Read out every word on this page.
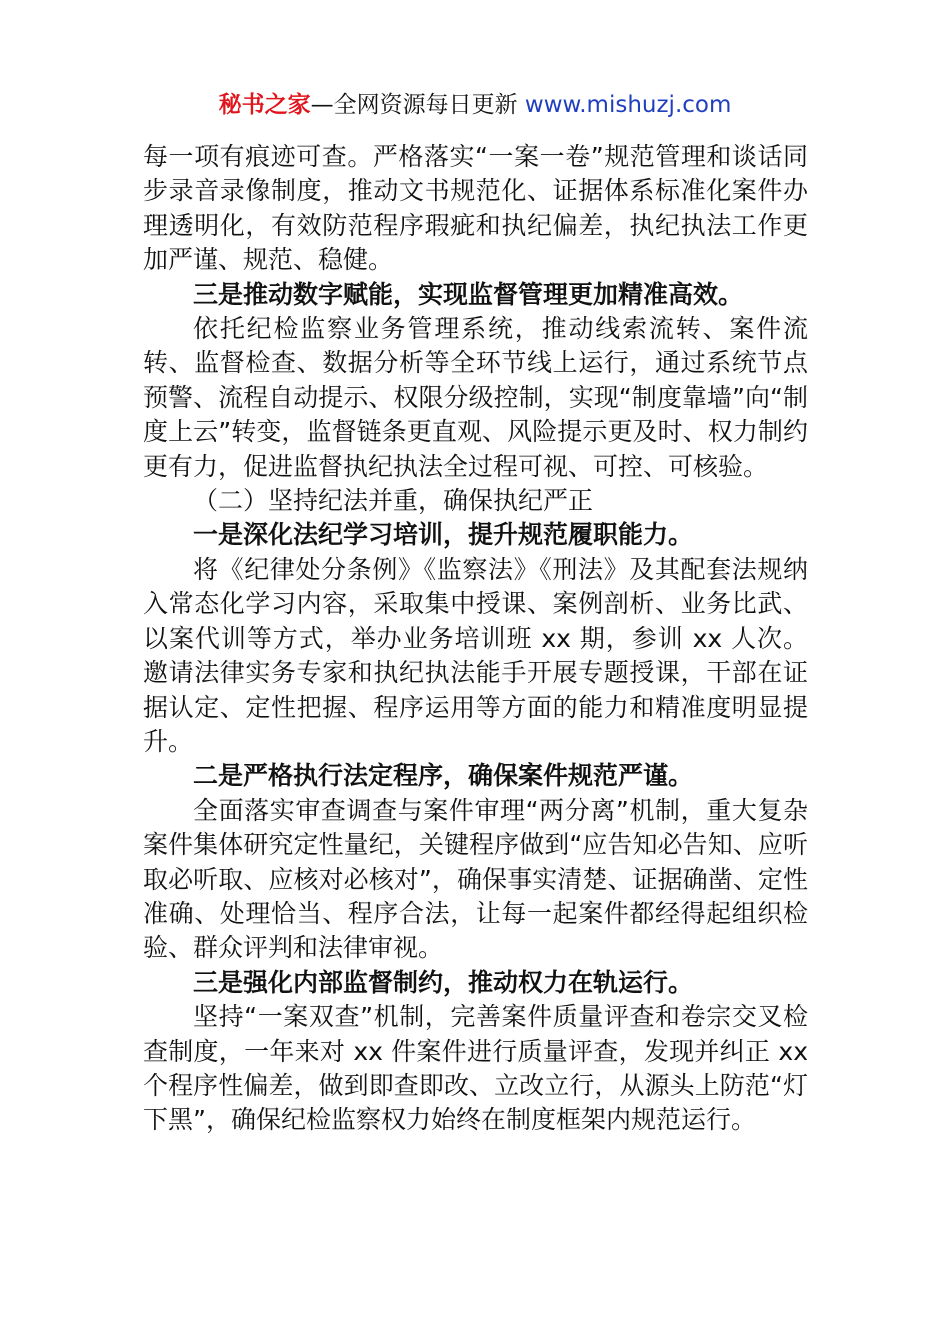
秘书之家—全网资源每日更新 www.mishuzj.com

每一项有痕迹可查。严格落实“一案一卷”规范管理和谈话同步录音录像制度，推动文书规范化、证据体系标准化案件办理透明化，有效防范程序瑕疵和执纪偏差，执纪执法工作更加严谨、规范、稳健。

三是推动数字赋能，实现监督管理更加精准高效。

依托纪检监察业务管理系统，推动线索流转、案件流转、监督检查、数据分析等全环节线上运行，通过系统节点预警、流程自动提示、权限分级控制，实现“制度靠墙”向“制度上云”转变，监督链条更直观、风险提示更及时、权力制约更有力，促进监督执纪执法全过程可视、可控、可核验。

（二）坚持纪法并重，确保执纪严正

一是深化法纪学习培训，提升规范履职能力。

将《纪律处分条例》《监察法》《刑法》及其配套法规纳入常态化学习内容，采取集中授课、案例剖析、业务比武、以案代训等方式，举办业务培训班 xx 期，参训 xx 人次。邀请法律实务专家和执纪执法能手开展专题授课，干部在证据认定、定性把握、程序运用等方面的能力和精准度明显提升。

二是严格执行法定程序，确保案件规范严谨。

全面落实审查调查与案件审理“两分离”机制，重大复杂案件集体研究定性量纪，关键程序做到“应告知必告知、应听取必听取、应核对必核对”，确保事实清楚、证据确凿、定性准确、处理恰当、程序合法，让每一起案件都经得起组织检验、群众评判和法律审视。

三是强化内部监督制约，推动权力在轨运行。

坚持“一案双查”机制，完善案件质量评查和卷宗交叉检查制度，一年来对 xx 件案件进行质量评查，发现并纠正 xx 个程序性偏差，做到即查即改、立改立行，从源头上防范“灯下黑”，确保纪检监察权力始终在制度框架内规范运行。
